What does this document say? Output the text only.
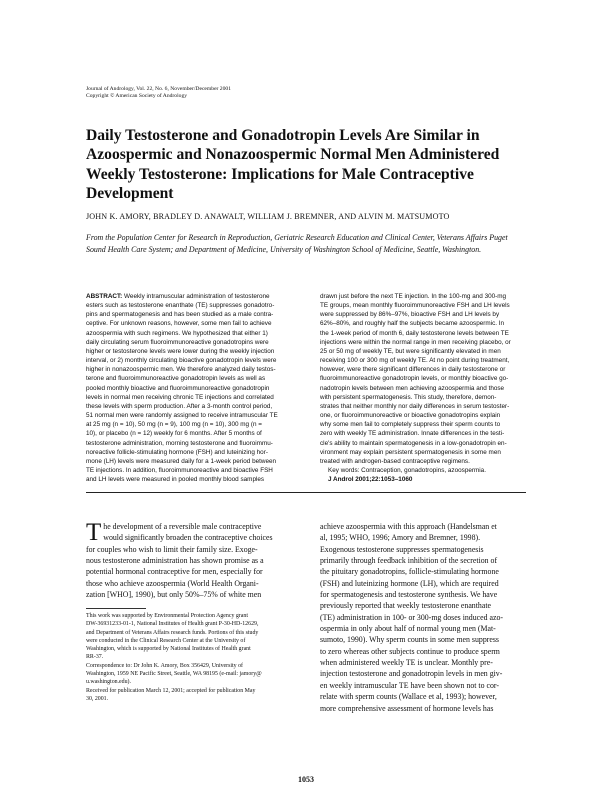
Journal of Andrology, Vol. 22, No. 6, November/December 2001
Copyright © American Society of Andrology
Daily Testosterone and Gonadotropin Levels Are Similar in Azoospermic and Nonazoospermic Normal Men Administered Weekly Testosterone: Implications for Male Contraceptive Development
JOHN K. AMORY, BRADLEY D. ANAWALT, WILLIAM J. BREMNER, AND ALVIN M. MATSUMOTO
From the Population Center for Research in Reproduction, Geriatric Research Education and Clinical Center, Veterans Affairs Puget Sound Health Care System; and Department of Medicine, University of Washington School of Medicine, Seattle, Washington.
ABSTRACT: Weekly intramuscular administration of testosterone
esters such as testosterone enanthate (TE) suppresses gonadotro-
pins and spermatogenesis and has been studied as a male contra-
ceptive. For unknown reasons, however, some men fail to achieve
azoospermia with such regimens. We hypothesized that either 1)
daily circulating serum fluoroimmunoreactive gonadotropins were
higher or testosterone levels were lower during the weekly injection
interval, or 2) monthly circulating bioactive gonadotropin levels were
higher in nonazoospermic men. We therefore analyzed daily testos-
terone and fluoroimmunoreactive gonadotropin levels as well as
pooled monthly bioactive and fluoroimmunoreactive gonadotropin
levels in normal men receiving chronic TE injections and correlated
these levels with sperm production. After a 3-month control period,
51 normal men were randomly assigned to receive intramuscular TE
at 25 mg (n = 10), 50 mg (n = 9), 100 mg (n = 10), 300 mg (n =
10), or placebo (n = 12) weekly for 6 months. After 5 months of
testosterone administration, morning testosterone and fluoroimmu-
noreactive follicle-stimulating hormone (FSH) and luteinizing hor-
mone (LH) levels were measured daily for a 1-week period between
TE injections. In addition, fluoroimmunoreactive and bioactive FSH
and LH levels were measured in pooled monthly blood samples
drawn just before the next TE injection. In the 100-mg and 300-mg
TE groups, mean monthly fluoroimmunoreactive FSH and LH levels
were suppressed by 86%–97%, bioactive FSH and LH levels by
62%–80%, and roughly half the subjects became azoospermic. In
the 1-week period of month 6, daily testosterone levels between TE
injections were within the normal range in men receiving placebo, or
25 or 50 mg of weekly TE, but were significantly elevated in men
receiving 100 or 300 mg of weekly TE. At no point during treatment,
however, were there significant differences in daily testosterone or
fluoroimmunoreactive gonadotropin levels, or monthly bioactive go-
nadotropin levels between men achieving azoospermia and those
with persistent spermatogenesis. This study, therefore, demon-
strates that neither monthly nor daily differences in serum testoster-
one, or fluoroimmunoreactive or bioactive gonadotropins explain
why some men fail to completely suppress their sperm counts to
zero with weekly TE administration. Innate differences in the testi-
cle's ability to maintain spermatogenesis in a low-gonadotropin en-
vironment may explain persistent spermatogenesis in some men
treated with androgen-based contraceptive regimens.
Key words: Contraception, gonadotropins, azoospermia.
J Androl 2001;22:1053–1060
T he development of a reversible male contraceptive
would significantly broaden the contraceptive choices
for couples who wish to limit their family size. Exoge-
nous testosterone administration has shown promise as a
potential hormonal contraceptive for men, especially for
those who achieve azoospermia (World Health Organi-
zation [WHO], 1990), but only 50%–75% of white men
achieve azoospermia with this approach (Handelsman et
al, 1995; WHO, 1996; Amory and Bremner, 1998).
Exogenous testosterone suppresses spermatogenesis
primarily through feedback inhibition of the secretion of
the pituitary gonadotropins, follicle-stimulating hormone
(FSH) and luteinizing hormone (LH), which are required
for spermatogenesis and testosterone synthesis. We have
previously reported that weekly testosterone enanthate
(TE) administration in 100- or 300-mg doses induced azo-
ospermia in only about half of normal young men (Mat-
sumoto, 1990). Why sperm counts in some men suppress
to zero whereas other subjects continue to produce sperm
when administered weekly TE is unclear. Monthly pre-
injection testosterone and gonadotropin levels in men giv-
en weekly intramuscular TE have been shown not to cor-
relate with sperm counts (Wallace et al, 1993); however,
more comprehensive assessment of hormone levels has
This work was supported by Environmental Protection Agency grant
DW-36931233-01-1, National Institutes of Health grant P-30-HD-12629,
and Department of Veterans Affairs research funds. Portions of this study
were conducted in the Clinical Research Center at the University of
Washington, which is supported by National Institutes of Health grant
RR-37.
Correspondence to: Dr John K. Amory, Box 356429, University of
Washington, 1959 NE Pacific Street, Seattle, WA 98195 (e-mail: jamory@
u.washington.edu).
Received for publication March 12, 2001; accepted for publication May
30, 2001.
1053
